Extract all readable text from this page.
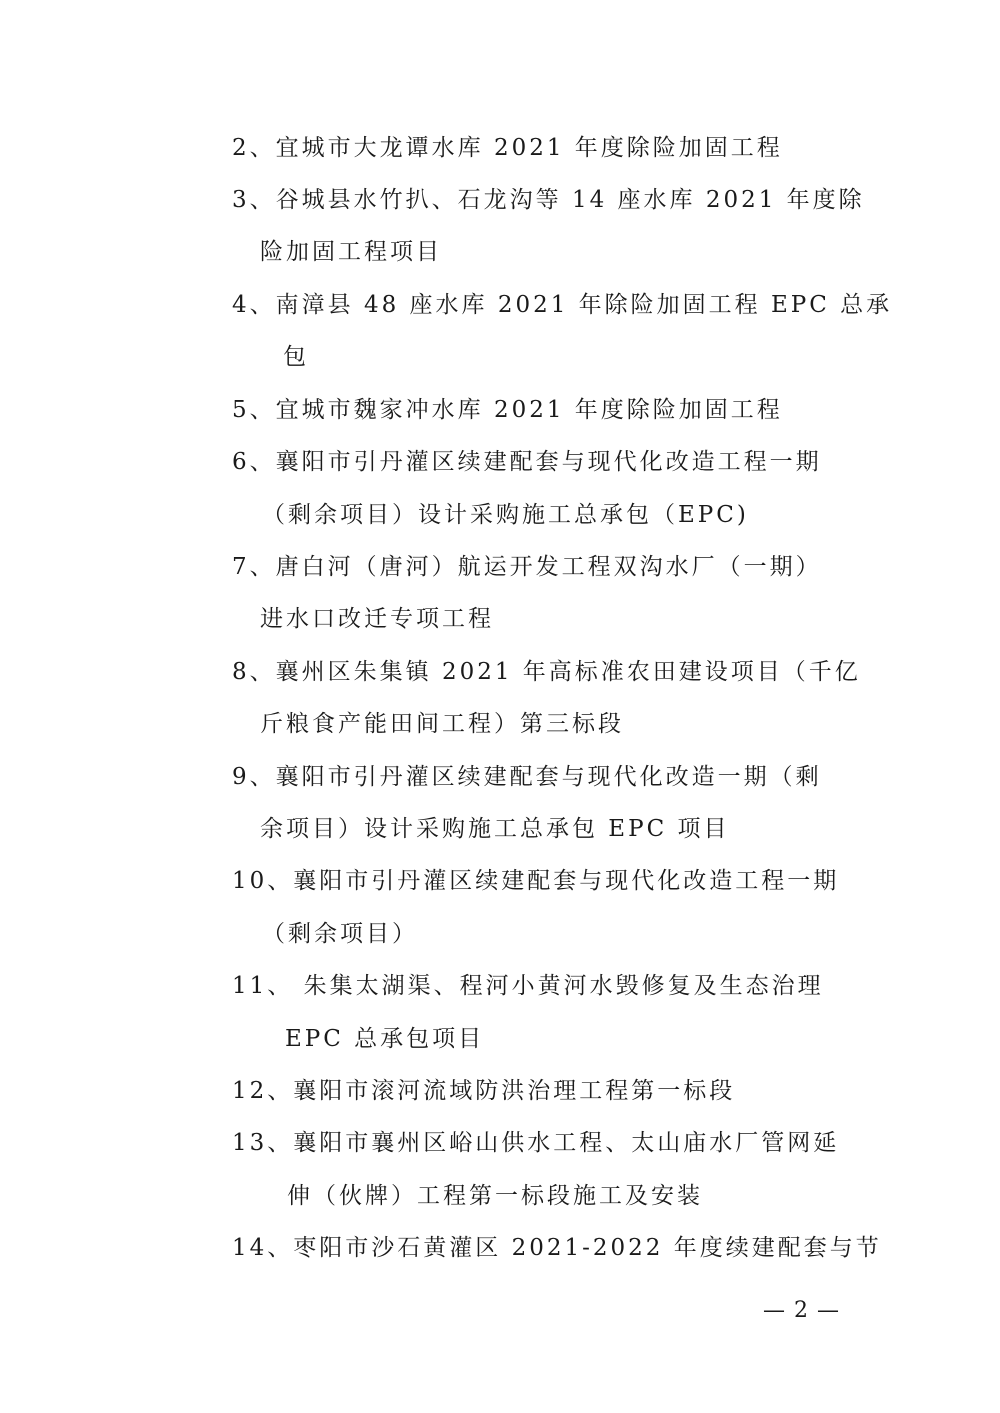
2、宜城市大龙谭水库 2021 年度除险加固工程
3、谷城县水竹扒、石龙沟等 14 座水库 2021 年度除
险加固工程项目
4、南漳县 48 座水库 2021 年除险加固工程 EPC 总承
包
5、宜城市魏家冲水库 2021 年度除险加固工程
6、襄阳市引丹灌区续建配套与现代化改造工程一期
（剩余项目）设计采购施工总承包（EPC)
7、唐白河（唐河）航运开发工程双沟水厂（一期）
进水口改迁专项工程
8、襄州区朱集镇 2021 年高标准农田建设项目（千亿
斤粮食产能田间工程）第三标段
9、襄阳市引丹灌区续建配套与现代化改造一期（剩
余项目）设计采购施工总承包 EPC 项目
10、襄阳市引丹灌区续建配套与现代化改造工程一期
（剩余项目）
11、 朱集太湖渠、程河小黄河水毁修复及生态治理
EPC 总承包项目
12、襄阳市滚河流域防洪治理工程第一标段
13、襄阳市襄州区峪山供水工程、太山庙水厂管网延
伸（伙牌）工程第一标段施工及安装
14、枣阳市沙石黄灌区 2021-2022 年度续建配套与节
— 2 —
